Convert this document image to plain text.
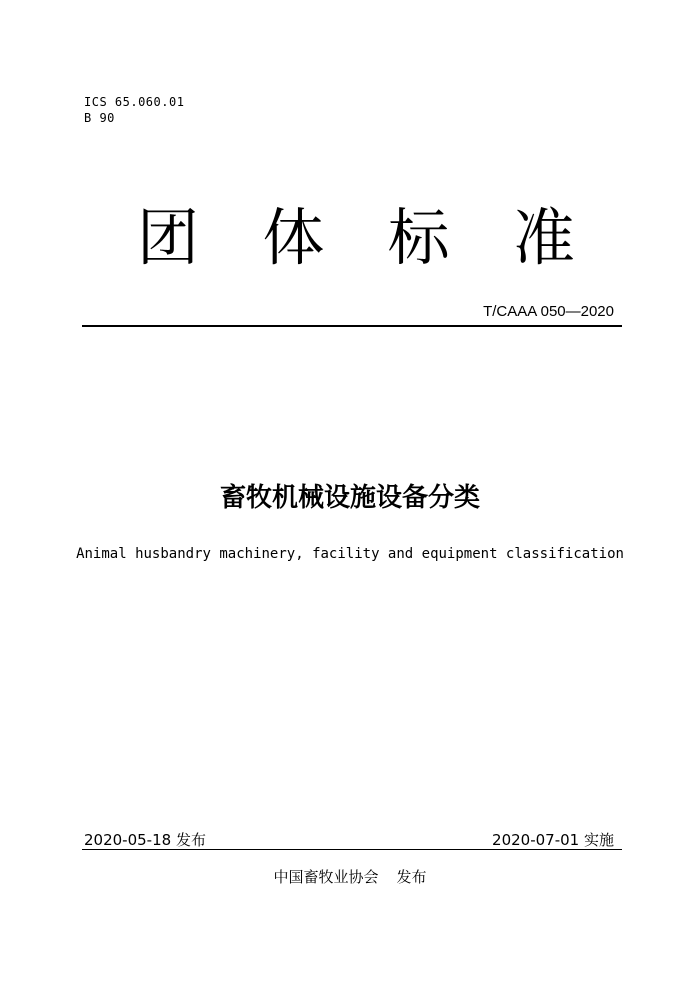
ICS 65.060.01
B 90
团 体 标 准
T/CAAA 050—2020
畜牧机械设施设备分类
Animal husbandry machinery, facility and equipment classification
2020-05-18 发布	2020-07-01 实施
中国畜牧业协会 发布
